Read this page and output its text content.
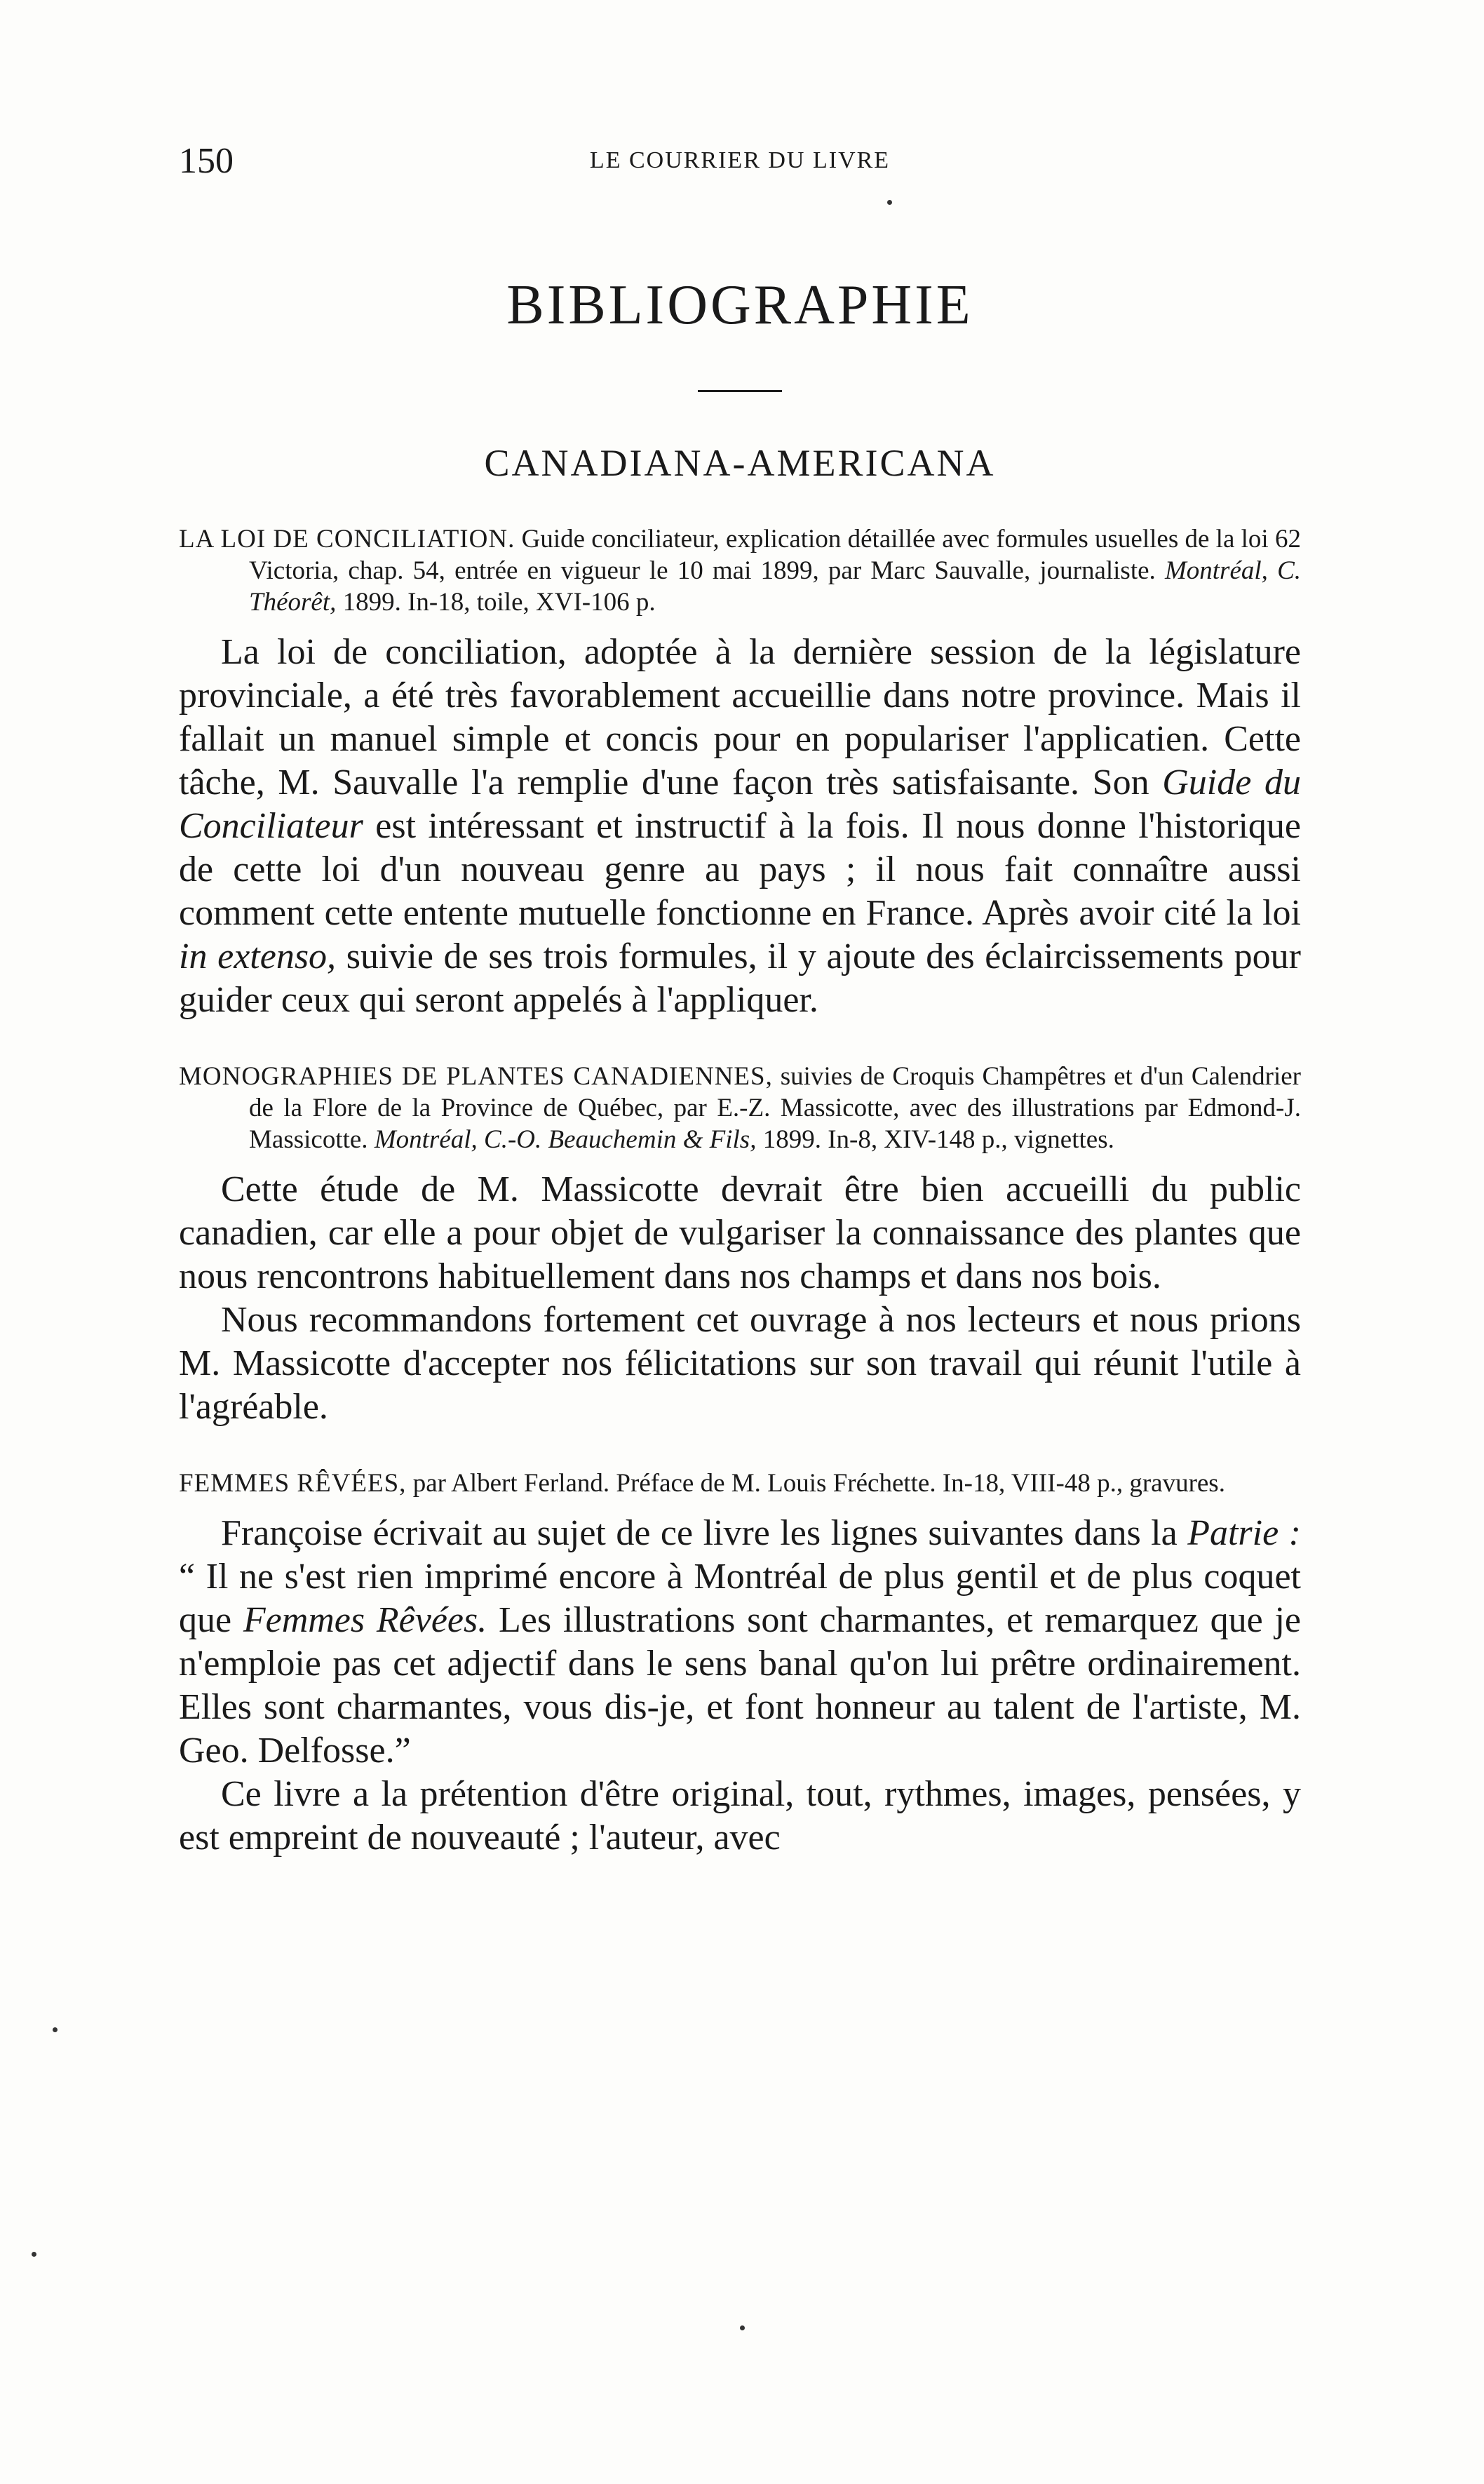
150	LE COURRIER DU LIVRE
BIBLIOGRAPHIE
CANADIANA-AMERICANA
LA LOI DE CONCILIATION. Guide conciliateur, explication détaillée avec formules usuelles de la loi 62 Victoria, chap. 54, entrée en vigueur le 10 mai 1899, par Marc Sauvalle, journaliste. Montréal, C. Théorêt, 1899. In-18, toile, XVI-106 p.

La loi de conciliation, adoptée à la dernière session de la législature provinciale, a été très favorablement accueillie dans notre province. Mais il fallait un manuel simple et concis pour en populariser l'applicatien. Cette tâche, M. Sauvalle l'a remplie d'une façon très satisfaisante. Son Guide du Conciliateur est intéressant et instructif à la fois. Il nous donne l'historique de cette loi d'un nouveau genre au pays ; il nous fait connaître aussi comment cette entente mutuelle fonctionne en France. Après avoir cité la loi in extenso, suivie de ses trois formules, il y ajoute des éclaircissements pour guider ceux qui seront appelés à l'appliquer.

MONOGRAPHIES DE PLANTES CANADIENNES, suivies de Croquis Champêtres et d'un Calendrier de la Flore de la Province de Québec, par E.-Z. Massicotte, avec des illustrations par Edmond-J. Massicotte. Montréal, C.-O. Beauchemin & Fils, 1899. In-8, XIV-148 p., vignettes.

Cette étude de M. Massicotte devrait être bien accueilli du public canadien, car elle a pour objet de vulgariser la connaissance des plantes que nous rencontrons habituellement dans nos champs et dans nos bois.

Nous recommandons fortement cet ouvrage à nos lecteurs et nous prions M. Massicotte d'accepter nos félicitations sur son travail qui réunit l'utile à l'agréable.

FEMMES RÊVÉES, par Albert Ferland. Préface de M. Louis Fréchette. In-18, VIII-48 p., gravures.

Françoise écrivait au sujet de ce livre les lignes suivantes dans la Patrie : “ Il ne s'est rien imprimé encore à Montréal de plus gentil et de plus coquet que Femmes Rêvées. Les illustrations sont charmantes, et remarquez que je n'emploie pas cet adjectif dans le sens banal qu'on lui prêtre ordinairement. Elles sont charmantes, vous dis-je, et font honneur au talent de l'artiste, M. Geo. Delfosse.”

Ce livre a la prétention d'être original, tout, rythmes, images, pensées, y est empreint de nouveauté ; l'auteur, avec
